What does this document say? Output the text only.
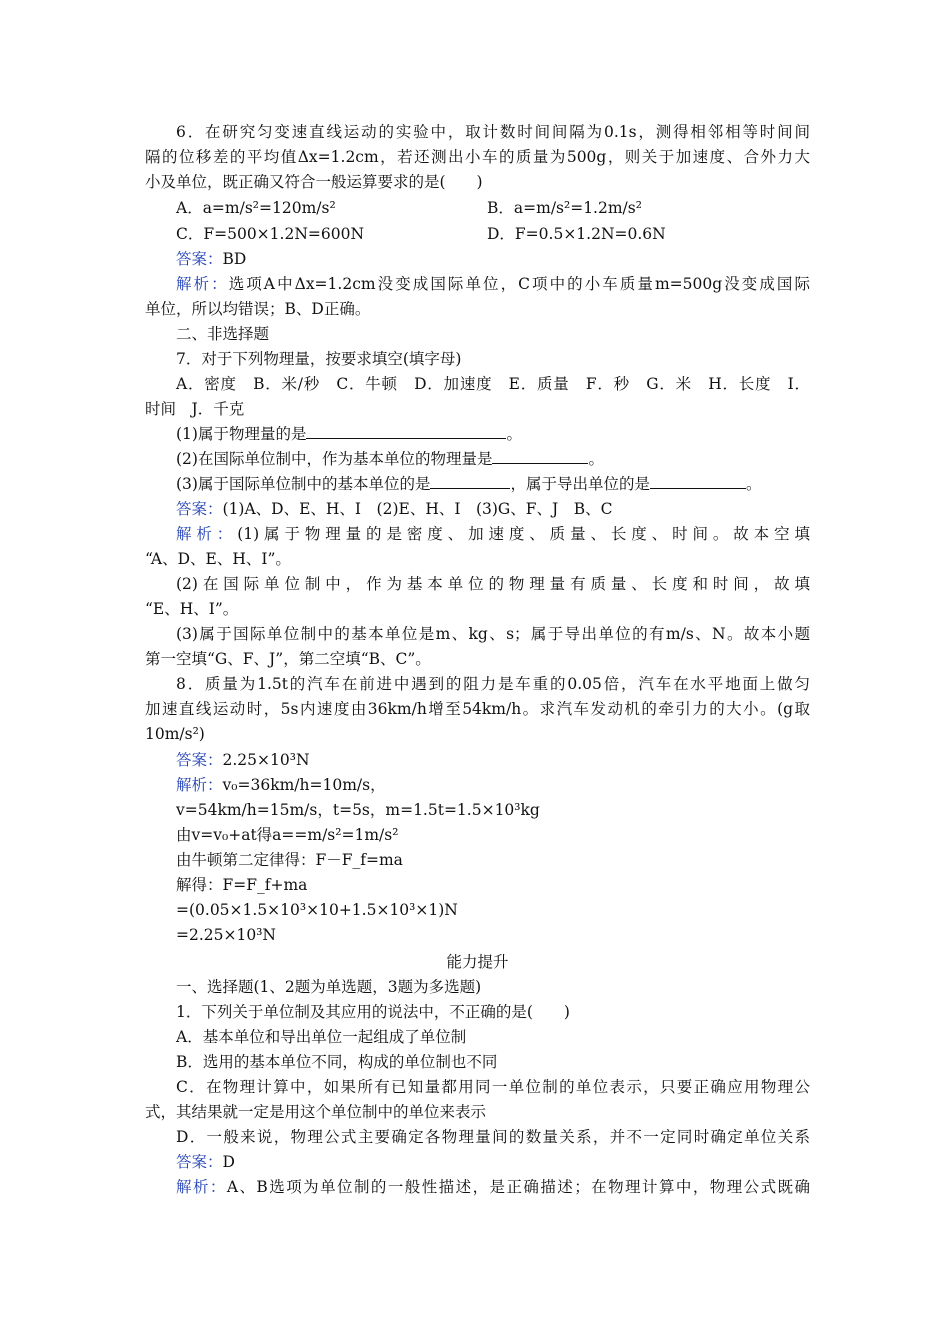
6．在研究匀变速直线运动的实验中，取计数时间间隔为0.1s，测得相邻相等时间间
隔的位移差的平均值Δx=1.2cm，若还测出小车的质量为500g，则关于加速度、合外力大
小及单位，既正确又符合一般运算要求的是(　　)
A．a=m/s²=120m/s²	B．a=m/s²=1.2m/s²
C．F=500×1.2N=600N	D．F=0.5×1.2N=0.6N
答案：BD
解析：选项A中Δx=1.2cm没变成国际单位，C项中的小车质量m=500g没变成国际
单位，所以均错误；B、D正确。
二、非选择题
7．对于下列物理量，按要求填空(填字母)
A．密度　B．米/秒　C．牛顿　D．加速度　E．质量　F．秒　G．米　H．长度　I．
时间　J．千克
(1)属于物理量的是	。
(2)在国际单位制中，作为基本单位的物理量是	。
(3)属于国际单位制中的基本单位的是	，属于导出单位的是	。
答案：(1)A、D、E、H、I　(2)E、H、I　(3)G、F、J　B、C
解析：(1)属于物理量的是密度、加速度、质量、长度、时间。故本空填
“A、D、E、H、I”。
(2)在国际单位制中，作为基本单位的物理量有质量、长度和时间，故填
“E、H、I”。
(3)属于国际单位制中的基本单位是m、kg、s；属于导出单位的有m/s、N。故本小题
第一空填“G、F、J”，第二空填“B、C”。
8．质量为1.5t的汽车在前进中遇到的阻力是车重的0.05倍，汽车在水平地面上做匀
加速直线运动时，5s内速度由36km/h增至54km/h。求汽车发动机的牵引力的大小。(g取
10m/s²)
答案：2.25×10³N
解析：v₀=36km/h=10m/s，
v=54km/h=15m/s，t=5s，m=1.5t=1.5×10³kg
由v=v₀+at得a==m/s²=1m/s²
由牛顿第二定律得：F－F_f=ma
解得：F=F_f+ma
=(0.05×1.5×10³×10+1.5×10³×1)N
=2.25×10³N
能力提升
一、选择题(1、2题为单选题，3题为多选题)
1．下列关于单位制及其应用的说法中，不正确的是(　　)
A．基本单位和导出单位一起组成了单位制
B．选用的基本单位不同，构成的单位制也不同
C．在物理计算中，如果所有已知量都用同一单位制的单位表示，只要正确应用物理公
式，其结果就一定是用这个单位制中的单位来表示
D．一般来说，物理公式主要确定各物理量间的数量关系，并不一定同时确定单位关系
答案：D
解析：A、B选项为单位制的一般性描述，是正确描述；在物理计算中，物理公式既确
